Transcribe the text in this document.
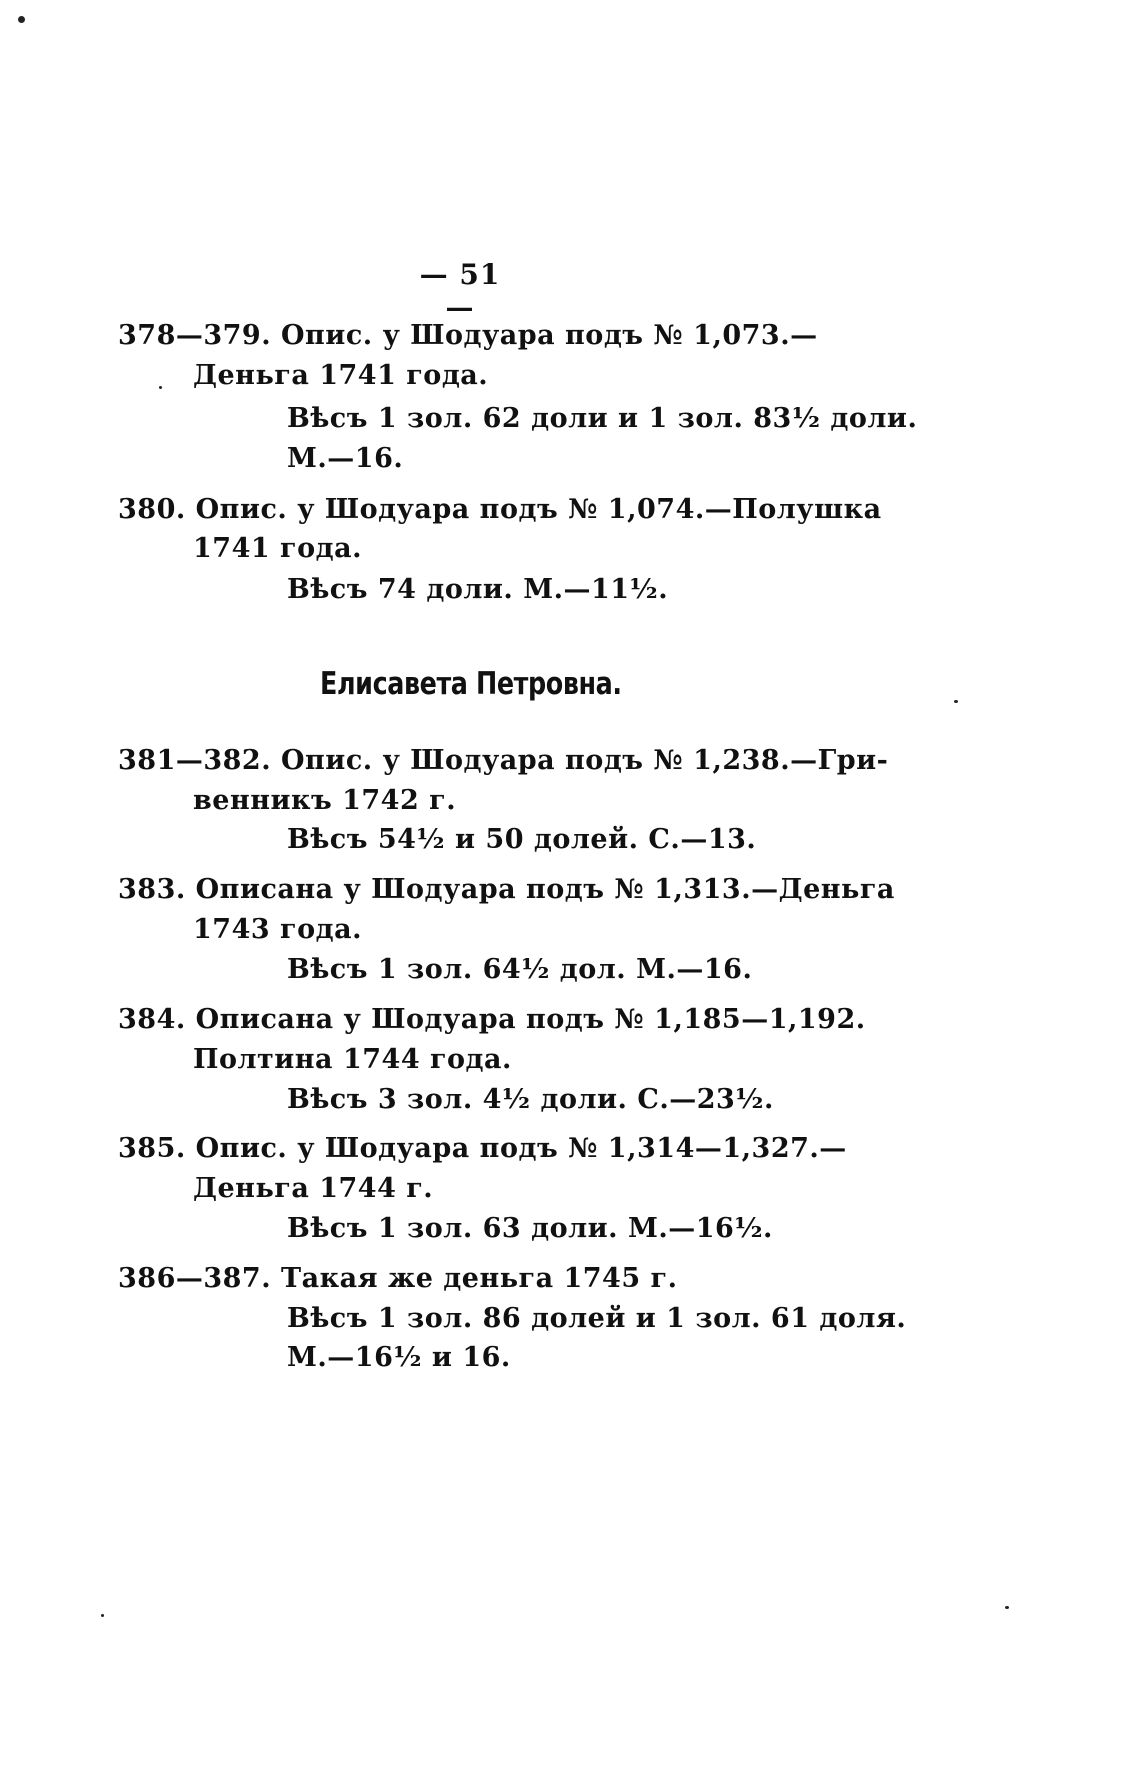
— 51 —
378—379. Опис. у Шодуара подъ № 1,073.—
Деньга 1741 года.
Вѣсъ 1 зол. 62 доли и 1 зол. 83½ доли.
М.—16.
380. Опис. у Шодуара подъ № 1,074.—Полушка
1741 года.
Вѣсъ 74 доли. М.—11½.
Елисавета Петровна.
381—382. Опис. у Шодуара подъ № 1,238.—Гри-
венникъ 1742 г.
Вѣсъ 54½ и 50 долей. С.—13.
383. Описана у Шодуара подъ № 1,313.—Деньга
1743 года.
Вѣсъ 1 зол. 64½ дол. М.—16.
384. Описана у Шодуара подъ № 1,185—1,192.
Полтина 1744 года.
Вѣсъ 3 зол. 4½ доли. С.—23½.
385. Опис. у Шодуара подъ № 1,314—1,327.—
Деньга 1744 г.
Вѣсъ 1 зол. 63 доли. М.—16½.
386—387. Такая же деньга 1745 г.
Вѣсъ 1 зол. 86 долей и 1 зол. 61 доля.
М.—16½ и 16.
